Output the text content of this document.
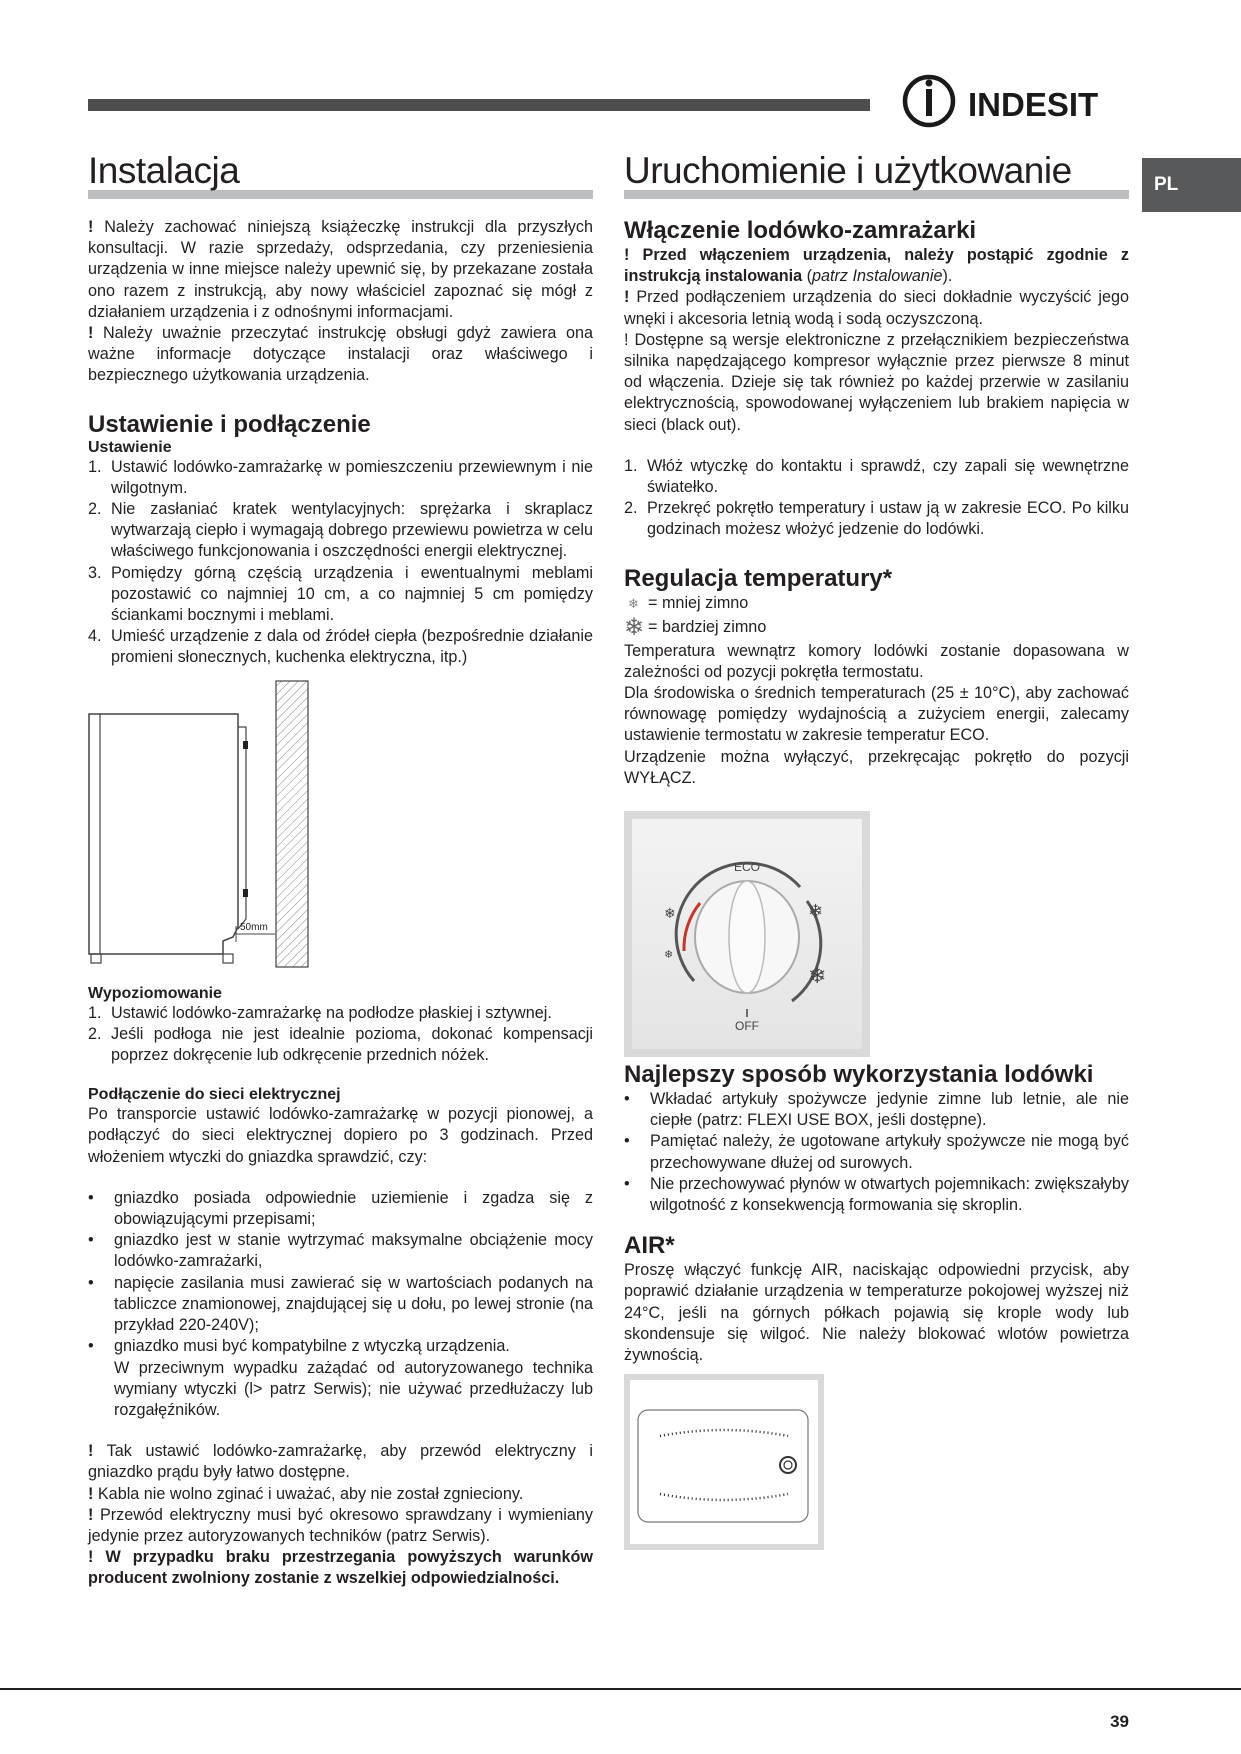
INDESIT
PL
Instalacja

! Należy zachować niniejszą książeczkę instrukcji dla przyszłych konsultacji. W razie sprzedaży, odsprzedania, czy przeniesienia urządzenia w inne miejsce należy upewnić się, by przekazane została ono razem z instrukcją, aby nowy właściciel zapoznać się mógł z działaniem urządzenia i z odnośnymi informacjami.

! Należy uważnie przeczytać instrukcję obsługi gdyż zawiera ona ważne informacje dotyczące instalacji oraz właściwego i bezpiecznego użytkowania urządzenia.

Ustawienie i podłączenie
Ustawienie
1. Ustawić lodówko-zamrażarkę w pomieszczeniu przewiewnym i nie wilgotnym.
2. Nie zasłaniać kratek wentylacyjnych: sprężarka i skraplacz wytwarzają ciepło i wymagają dobrego przewiewu powietrza w celu właściwego funkcjonowania i oszczędności energii elektrycznej.
3. Pomiędzy górną częścią urządzenia i ewentualnymi meblami pozostawić co najmniej 10 cm, a co najmniej 5 cm pomiędzy ściankami bocznymi i meblami.
4. Umieść urządzenie z dala od źródeł ciepła (bezpośrednie działanie promieni słonecznych, kuchenka elektryczna, itp.)
50mm
Wypoziomowanie
1. Ustawić lodówko-zamrażarkę na podłodze płaskiej i sztywnej.
2. Jeśli podłoga nie jest idealnie pozioma, dokonać kompensacji poprzez dokręcenie lub odkręcenie przednich nóżek.
Podłączenie do sieci elektrycznej

Po transporcie ustawić lodówko-zamrażarkę w pozycji pionowej, a podłączyć do sieci elektrycznej dopiero po 3 godzinach. Przed włożeniem wtyczki do gniazdka sprawdzić, czy:

• gniazdko posiada odpowiednie uziemienie i zgadza się z obowiązującymi przepisami;
• gniazdko jest w stanie wytrzymać maksymalne obciążenie mocy lodówko-zamrażarki,
• napięcie zasilania musi zawierać się w wartościach podanych na tabliczce znamionowej, znajdującej się u dołu, po lewej stronie (na przykład 220-240V);
• gniazdko musi być kompatybilne z wtyczką urządzenia.
W przeciwnym wypadku zażądać od autoryzowanego technika wymiany wtyczki (l> patrz Serwis); nie używać przedłużaczy lub rozgałęźników.

! Tak ustawić lodówko-zamrażarkę, aby przewód elektryczny i gniazdko prądu były łatwo dostępne.

! Kabla nie wolno zginać i uważać, aby nie został zgnieciony.

! Przewód elektryczny musi być okresowo sprawdzany i wymieniany jedynie przez autoryzowanych techników (patrz Serwis).

! W przypadku braku przestrzegania powyższych warunków producent zwolniony zostanie z wszelkiej odpowiedzialności.

Uruchomienie i użytkowanie
Włączenie lodówko-zamrażarki

! Przed włączeniem urządzenia, należy postąpić zgodnie z instrukcją instalowania (patrz Instalowanie).

! Przed podłączeniem urządzenia do sieci dokładnie wyczyścić jego wnęki i akcesoria letnią wodą i sodą oczyszczoną.

! Dostępne są wersje elektroniczne z przełącznikiem bezpieczeństwa silnika napędzającego kompresor wyłącznie przez pierwsze 8 minut od włączenia. Dzieje się tak również po każdej przerwie w zasilaniu elektrycznością, spowodowanej wyłączeniem lub brakiem napięcia w sieci (black out).

1. Włóż wtyczkę do kontaktu i sprawdź, czy zapali się wewnętrzne światełko.
2. Przekręć pokrętło temperatury i ustaw ją w zakresie ECO. Po kilku godzinach możesz włożyć jedzenie do lodówki.
Regulacja temperatury*
❄ = mniej zimno
❄ = bardziej zimno

Temperatura wewnątrz komory lodówki zostanie dopasowana w zależności od pozycji pokrętła termostatu.

Dla środowiska o średnich temperaturach (25 ± 10°C), aby zachować równowagę pomiędzy wydajnością a zużyciem energii, zalecamy ustawienie termostatu w zakresie temperatur ECO.

Urządzenie można wyłączyć, przekręcając pokrętło do pozycji WYŁĄCZ.

ECO
OFF
❄
❄
❄
❄
Najlepszy sposób wykorzystania lodówki
• Wkładać artykuły spożywcze jedynie zimne lub letnie, ale nie ciepłe (patrz: FLEXI USE BOX, jeśli dostępne).
• Pamiętać należy, że ugotowane artykuły spożywcze nie mogą być przechowywane dłużej od surowych.
• Nie przechowywać płynów w otwartych pojemnikach: zwiększałyby wilgotność z konsekwencją formowania się skroplin.
AIR*

Proszę włączyć funkcję AIR, naciskając odpowiedni przycisk, aby poprawić działanie urządzenia w temperaturze pokojowej wyższej niż 24°C, jeśli na górnych półkach pojawią się krople wody lub skondensuje się wilgoć. Nie należy blokować wlotów powietrza żywnością.

39
